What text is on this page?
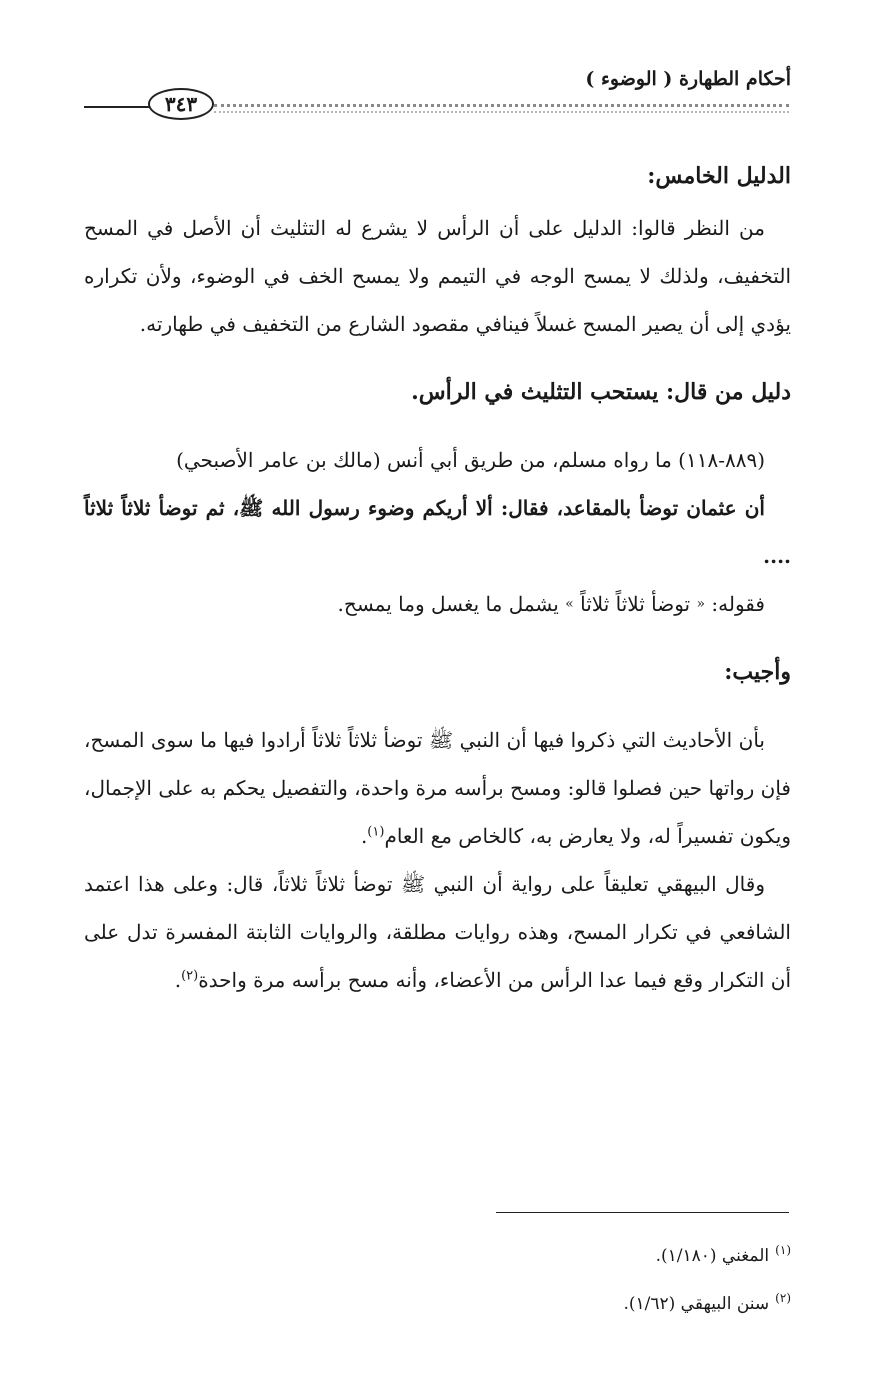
أحكام الطهارة ( الوضوء )
٣٤٣

الدليل الخامس:

من النظر قالوا: الدليل على أن الرأس لا يشرع له التثليث أن الأصل في المسح التخفيف، ولذلك لا يمسح الوجه في التيمم ولا يمسح الخف في الوضوء، ولأن تكراره يؤدي إلى أن يصير المسح غسلاً فينافي مقصود الشارع من التخفيف في طهارته.

دليل من قال: يستحب التثليث في الرأس.

(٨٨٩-١١٨) ما رواه مسلم، من طريق أبي أنس (مالك بن عامر الأصبحي)

أن عثمان توضأ بالمقاعد، فقال: ألا أريكم وضوء رسول الله ﷺ، ثم توضأ ثلاثاً ثلاثاً ....

فقوله: « توضأ ثلاثاً ثلاثاً » يشمل ما يغسل وما يمسح.

وأجيب:

بأن الأحاديث التي ذكروا فيها أن النبي ﷺ توضأ ثلاثاً ثلاثاً أرادوا فيها ما سوى المسح، فإن رواتها حين فصلوا قالو: ومسح برأسه مرة واحدة، والتفصيل يحكم به على الإجمال، ويكون تفسيراً له، ولا يعارض به، كالخاص مع العام$^{(١)}$.

وقال البيهقي تعليقاً على رواية أن النبي ﷺ توضأ ثلاثاً ثلاثاً، قال: وعلى هذا اعتمد الشافعي في تكرار المسح، وهذه روايات مطلقة، والروايات الثابتة المفسرة تدل على أن التكرار وقع فيما عدا الرأس من الأعضاء، وأنه مسح برأسه مرة واحدة$^{(٢)}$.

$^{(١)}$المغني (١/١٨٠).

$^{(٢)}$سنن البيهقي (١/٦٢).
